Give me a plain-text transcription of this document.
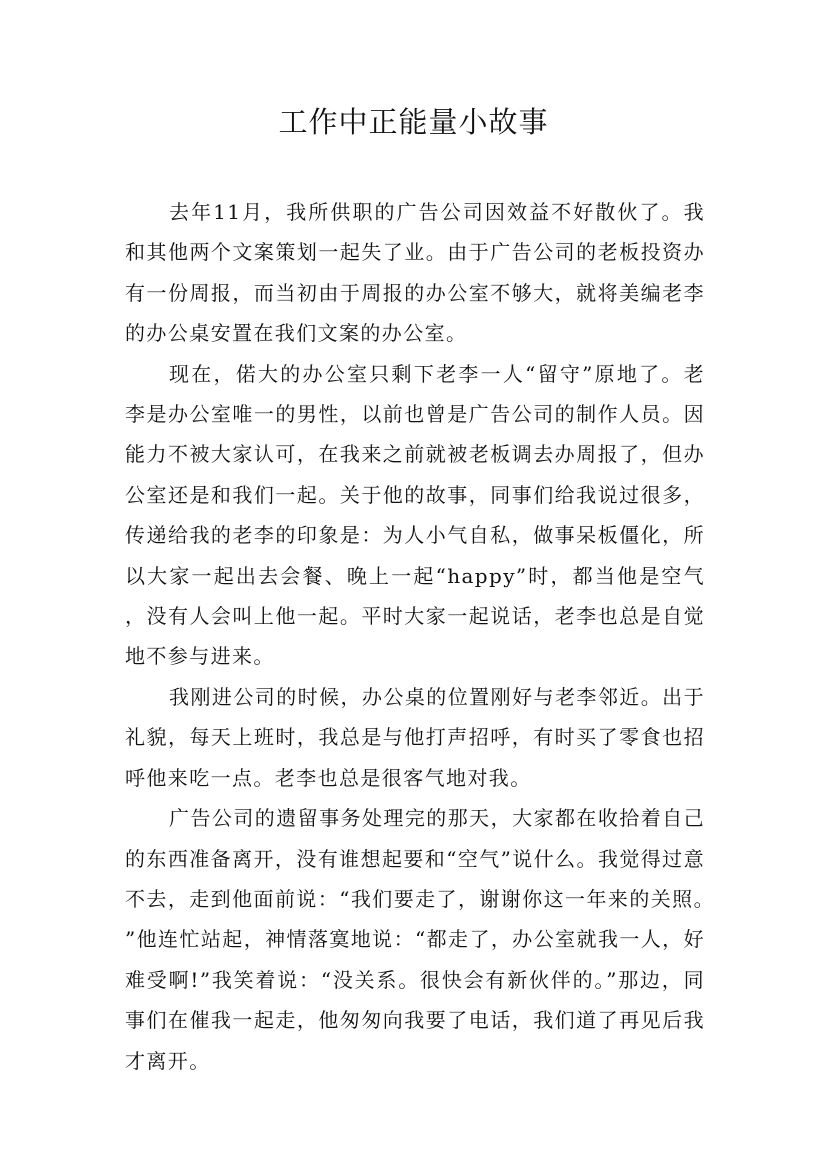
工作中正能量小故事

去年11月，我所供职的广告公司因效益不好散伙了。我和其他两个文案策划一起失了业。由于广告公司的老板投资办有一份周报，而当初由于周报的办公室不够大，就将美编老李的办公桌安置在我们文案的办公室。

现在，偌大的办公室只剩下老李一人“留守”原地了。老李是办公室唯一的男性，以前也曾是广告公司的制作人员。因能力不被大家认可，在我来之前就被老板调去办周报了，但办公室还是和我们一起。关于他的故事，同事们给我说过很多，传递给我的老李的印象是：为人小气自私，做事呆板僵化，所以大家一起出去会餐、晚上一起“happy”时，都当他是空气，没有人会叫上他一起。平时大家一起说话，老李也总是自觉地不参与进来。

我刚进公司的时候，办公桌的位置刚好与老李邻近。出于礼貌，每天上班时，我总是与他打声招呼，有时买了零食也招呼他来吃一点。老李也总是很客气地对我。

广告公司的遗留事务处理完的那天，大家都在收拾着自己的东西准备离开，没有谁想起要和“空气”说什么。我觉得过意不去，走到他面前说：“我们要走了，谢谢你这一年来的关照。”他连忙站起，神情落寞地说：“都走了，办公室就我一人，好难受啊!”我笑着说：“没关系。很快会有新伙伴的。”那边，同事们在催我一起走，他匆匆向我要了电话，我们道了再见后我才离开。
